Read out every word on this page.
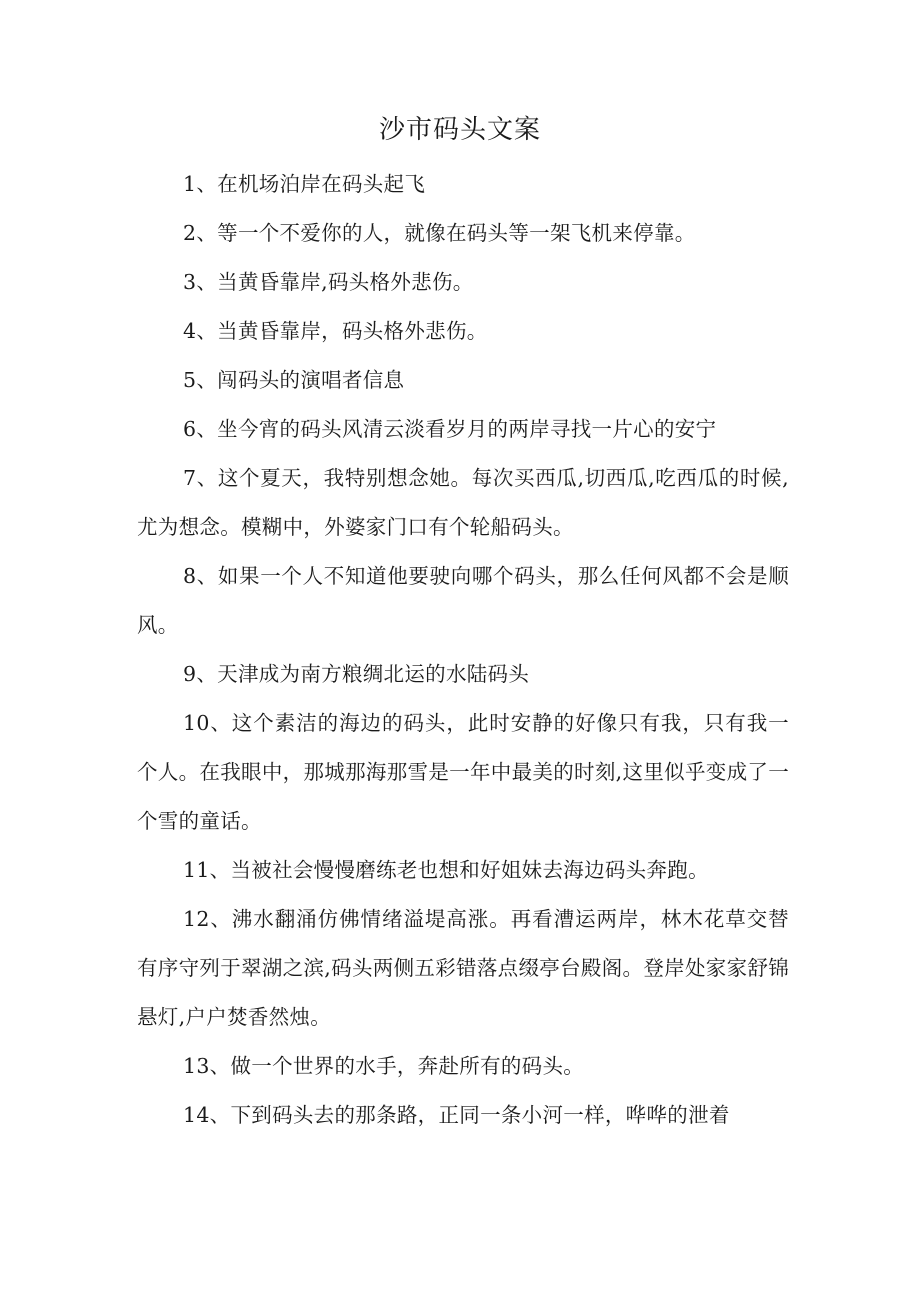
沙市码头文案

1、在机场泊岸在码头起飞

2、等一个不爱你的人，就像在码头等一架飞机来停靠。

3、当黄昏靠岸,码头格外悲伤。

4、当黄昏靠岸，码头格外悲伤。

5、闯码头的演唱者信息

6、坐今宵的码头风清云淡看岁月的两岸寻找一片心的安宁

7、这个夏天，我特别想念她。每次买西瓜,切西瓜,吃西瓜的时候,尤为想念。模糊中，外婆家门口有个轮船码头。

8、如果一个人不知道他要驶向哪个码头，那么任何风都不会是顺风。

9、天津成为南方粮绸北运的水陆码头

10、这个素洁的海边的码头，此时安静的好像只有我，只有我一个人。在我眼中，那城那海那雪是一年中最美的时刻,这里似乎变成了一个雪的童话。

11、当被社会慢慢磨练老也想和好姐妹去海边码头奔跑。

12、沸水翻涌仿佛情绪溢堤高涨。再看漕运两岸，林木花草交替有序守列于翠湖之滨,码头两侧五彩错落点缀亭台殿阁。登岸处家家舒锦悬灯,户户焚香然烛。

13、做一个世界的水手，奔赴所有的码头。

14、下到码头去的那条路，正同一条小河一样，哗哗的泄着
